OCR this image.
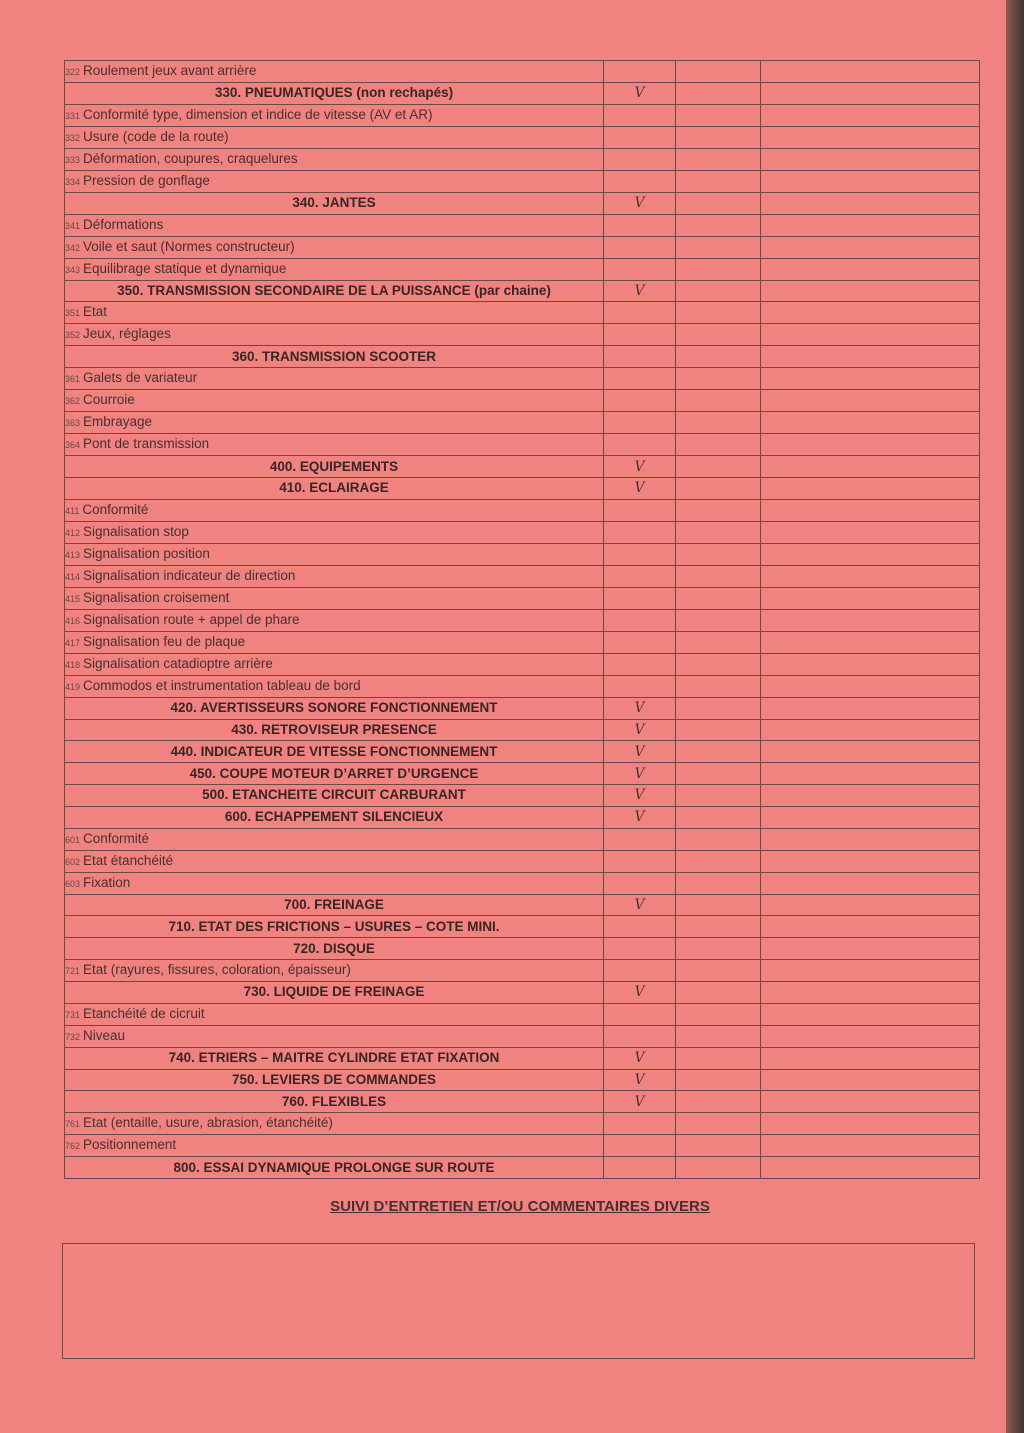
322 Roulement jeux avant arrière			
330. PNEUMATIQUES (non rechapés)	V		
331 Conformité type, dimension et indice de vitesse (AV et AR)			
332 Usure (code de la route)			
333 Déformation, coupures, craquelures			
334 Pression de gonflage			
340. JANTES	V		
341 Déformations			
342 Voile et saut (Normes constructeur)			
343 Equilibrage statique et dynamique			
350. TRANSMISSION SECONDAIRE DE LA PUISSANCE (par chaine)	V		
351 Etat			
352 Jeux, réglages			
360. TRANSMISSION SCOOTER			
361 Galets de variateur			
362 Courroie			
363 Embrayage			
364 Pont de transmission			
400. EQUIPEMENTS	V		
410. ECLAIRAGE	V		
411 Conformité			
412 Signalisation stop			
413 Signalisation position			
414 Signalisation indicateur de direction			
415 Signalisation croisement			
416 Signalisation route + appel de phare			
417 Signalisation feu de plaque			
418 Signalisation catadioptre arrière			
419 Commodos et instrumentation tableau de bord			
420. AVERTISSEURS SONORE FONCTIONNEMENT	V		
430. RETROVISEUR PRESENCE	V		
440. INDICATEUR DE VITESSE FONCTIONNEMENT	V		
450. COUPE MOTEUR D’ARRET D’URGENCE	V		
500. ETANCHEITE CIRCUIT CARBURANT	V		
600. ECHAPPEMENT SILENCIEUX	V		
601 Conformité			
602 Etat étanchéité			
603 Fixation			
700. FREINAGE	V		
710. ETAT DES FRICTIONS – USURES – COTE MINI.			
720. DISQUE			
721 Etat (rayures, fissures, coloration, épaisseur)			
730. LIQUIDE DE FREINAGE	V		
731 Etanchéité de cicruit			
732 Niveau			
740. ETRIERS – MAITRE CYLINDRE ETAT FIXATION	V		
750. LEVIERS DE COMMANDES	V		
760. FLEXIBLES	V		
761 Etat (entaille, usure, abrasion, étanchéité)			
762 Positionnement			
800. ESSAI DYNAMIQUE PROLONGE SUR ROUTE			
SUIVI D’ENTRETIEN ET/OU COMMENTAIRES DIVERS
